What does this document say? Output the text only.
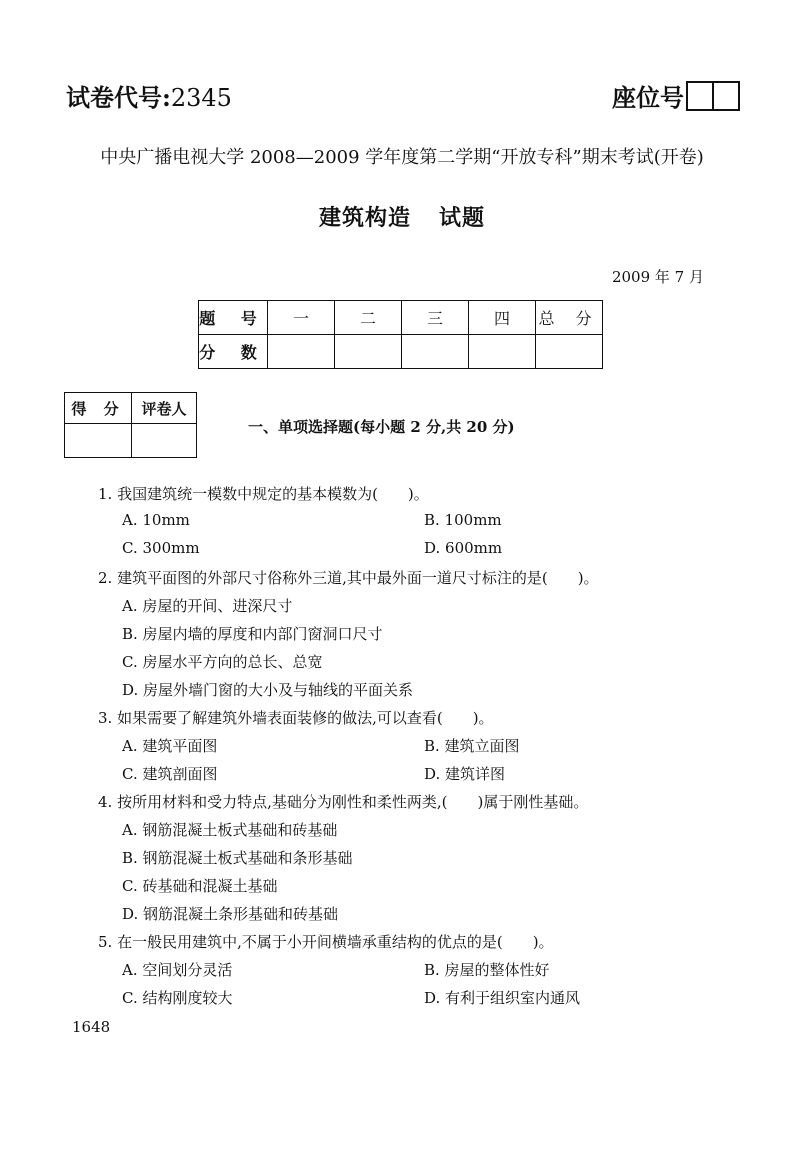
试卷代号:2345	座位号
中央广播电视大学 2008—2009 学年度第二学期“开放专科”期末考试(开卷)
建筑构造 试题
2009 年 7 月
题 号	一	二	三	四	总 分
分 数					
得 分	评卷人

一、单项选择题(每小题 2 分,共 20 分)
1. 我国建筑统一模数中规定的基本模数为(　　)。
A. 10mm	B. 100mm
C. 300mm	D. 600mm
2. 建筑平面图的外部尺寸俗称外三道,其中最外面一道尺寸标注的是(　　)。
A. 房屋的开间、进深尺寸
B. 房屋内墙的厚度和内部门窗洞口尺寸
C. 房屋水平方向的总长、总宽
D. 房屋外墙门窗的大小及与轴线的平面关系
3. 如果需要了解建筑外墙表面装修的做法,可以查看(　　)。
A. 建筑平面图	B. 建筑立面图
C. 建筑剖面图	D. 建筑详图
4. 按所用材料和受力特点,基础分为刚性和柔性两类,(　　)属于刚性基础。
A. 钢筋混凝土板式基础和砖基础
B. 钢筋混凝土板式基础和条形基础
C. 砖基础和混凝土基础
D. 钢筋混凝土条形基础和砖基础
5. 在一般民用建筑中,不属于小开间横墙承重结构的优点的是(　　)。
A. 空间划分灵活	B. 房屋的整体性好
C. 结构刚度较大	D. 有利于组织室内通风
1648
